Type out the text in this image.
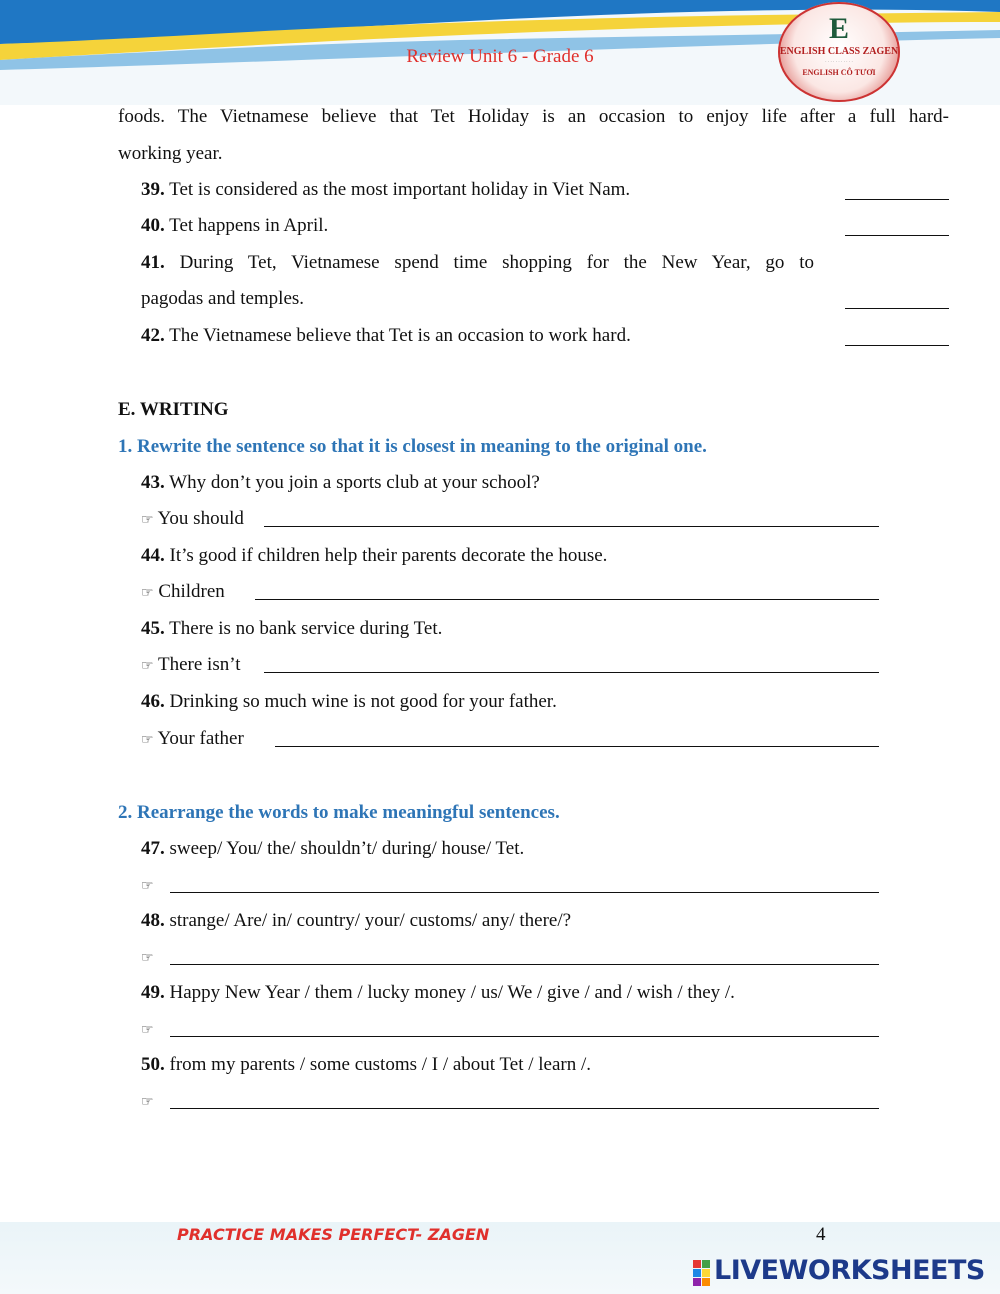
Review Unit 6 - Grade 6
E
ENGLISH CLASS ZAGEN
· · · · · · · · · · ·
ENGLISH CÔ TƯƠI
foods. The Vietnamese believe that Tet Holiday is an occasion to enjoy life after a full hard-
working year.
39. Tet is considered as the most important holiday in Viet Nam.
40. Tet happens in April.
41. During Tet, Vietnamese spend time shopping for the New Year, go to
pagodas and temples.
42. The Vietnamese believe that Tet is an occasion to work hard.
E. WRITING
1. Rewrite the sentence so that it is closest in meaning to the original one.
43. Why don’t you join a sports club at your school?
☞ You should
44. It’s good if children help their parents decorate the house.
☞ Children
45. There is no bank service during Tet.
☞ There isn’t
46. Drinking so much wine is not good for your father.
☞ Your father
2. Rearrange the words to make meaningful sentences.
47. sweep/ You/ the/ shouldn’t/ during/ house/ Tet.
☞
48. strange/ Are/ in/ country/ your/ customs/ any/ there/?
☞
49. Happy New Year / them / lucky money / us/ We / give / and / wish / they /.
☞
50. from my parents / some customs / I / about Tet / learn /.
☞
PRACTICE MAKES PERFECT- ZAGEN	4
LIVEWORKSHEETS
